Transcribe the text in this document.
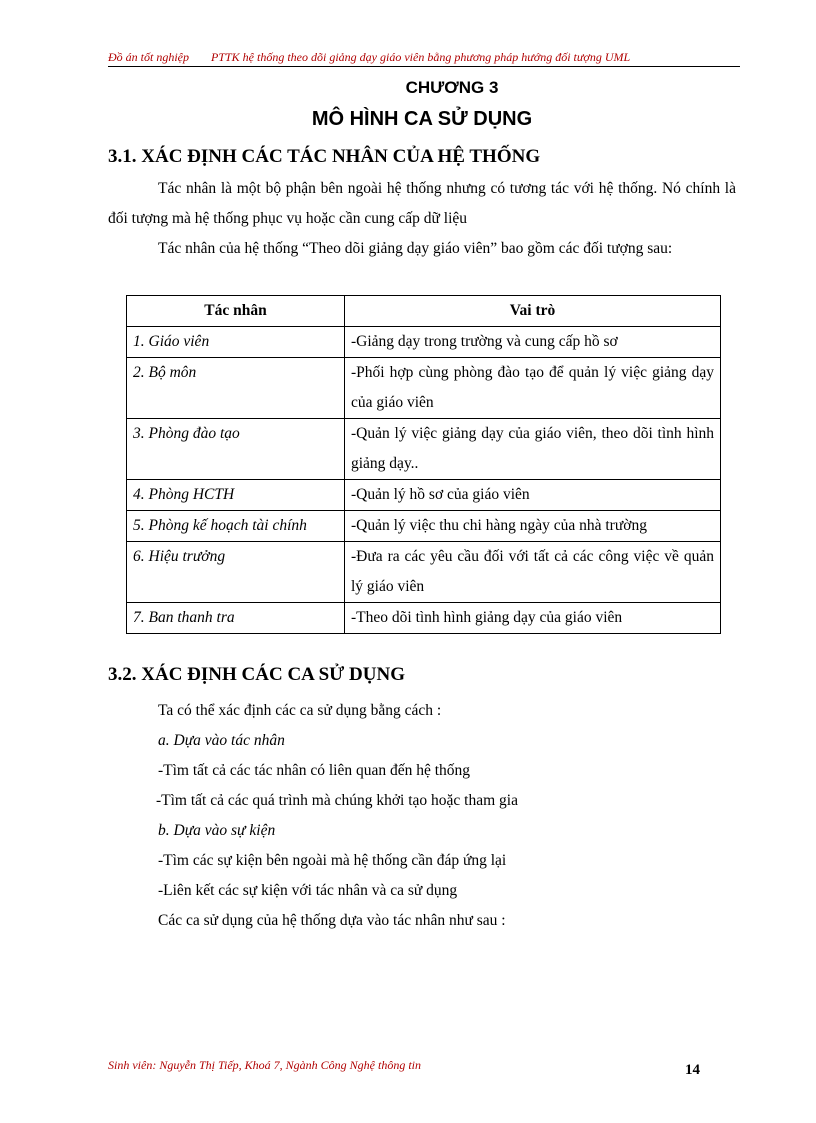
Đồ án tốt nghiệp PTTK hệ thống theo dõi giảng dạy giáo viên bằng phương pháp hướng đối tượng UML
CHƯƠNG 3
MÔ HÌNH CA SỬ DỤNG
3.1. XÁC ĐỊNH CÁC TÁC NHÂN CỦA HỆ THỐNG
Tác nhân là một bộ phận bên ngoài hệ thống nhưng có tương tác với hệ thống. Nó chính là đối tượng mà hệ thống phục vụ hoặc cần cung cấp dữ liệu
Tác nhân của hệ thống “Theo dõi giảng dạy giáo viên” bao gồm các đối tượng sau:
Tác nhân	Vai trò
1. Giáo viên	-Giảng dạy trong trường và cung cấp hồ sơ
2. Bộ môn	-Phối hợp cùng phòng đào tạo để quản lý việc giảng dạy của giáo viên
3. Phòng đào tạo	-Quản lý việc giảng dạy của giáo viên, theo dõi tình hình giảng dạy..
4. Phòng HCTH	-Quản lý hồ sơ của giáo viên
5. Phòng kế hoạch tài chính	-Quản lý việc thu chi hàng ngày của nhà trường
6. Hiệu trưởng	-Đưa ra các yêu cầu đối với tất cả các công việc về quản lý giáo viên
7. Ban thanh tra	-Theo dõi tình hình giảng dạy của giáo viên
3.2. XÁC ĐỊNH CÁC CA SỬ DỤNG
Ta có thể xác định các ca sử dụng bằng cách :
a. Dựa vào tác nhân
-Tìm tất cả các tác nhân có liên quan đến hệ thống
-Tìm tất cả các quá trình mà chúng khởi tạo hoặc tham gia
b. Dựa vào sự kiện
-Tìm các sự kiện bên ngoài mà hệ thống cần đáp ứng lại
-Liên kết các sự kiện với tác nhân và ca sử dụng
Các ca sử dụng của hệ thống dựa vào tác nhân như sau :
Sinh viên: Nguyễn Thị Tiếp, Khoá 7, Ngành Công Nghệ thông tin	14
